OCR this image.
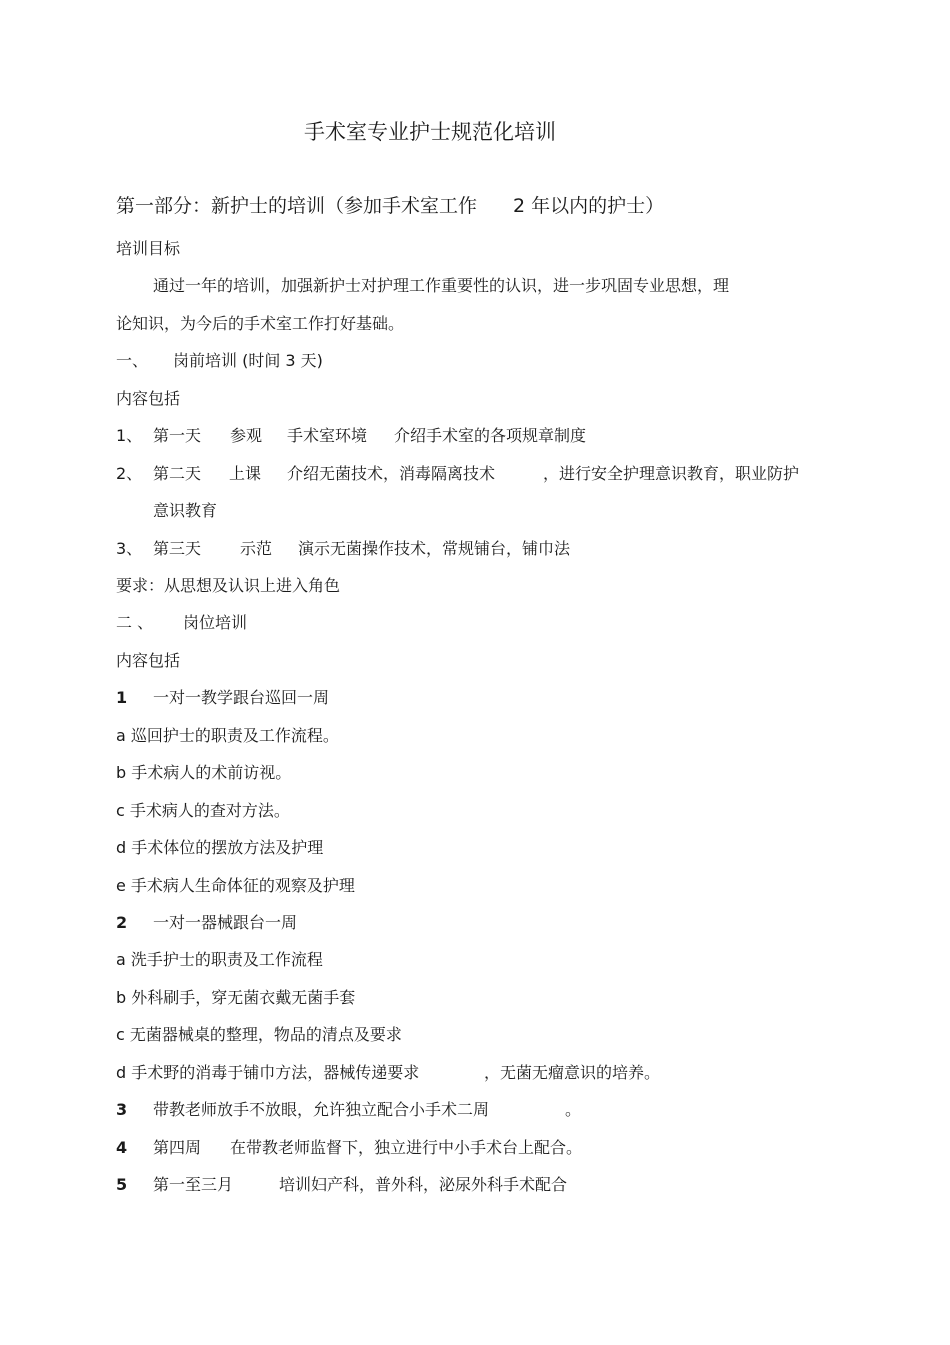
手术室专业护士规范化培训
第一部分：新护士的培训（参加手术室工作 2 年以内的护士）
培训目标
通过一年的培训，加强新护士对护理工作重要性的认识，进一步巩固专业思想，理
论知识，为今后的手术室工作打好基础。
一、 岗前培训 (时间 3 天)
内容包括
1、 第一天 参观 手术室环境 介绍手术室的各项规章制度
2、 第二天 上课 介绍无菌技术，消毒隔离技术	，进行安全护理意识教育，职业防护
意识教育
3、 第三天 示范 演示无菌操作技术，常规铺台，铺巾法
要求：从思想及认识上进入角色
二 、 岗位培训
内容包括
1 一对一教学跟台巡回一周
a 巡回护士的职责及工作流程。
b 手术病人的术前访视。
c 手术病人的查对方法。
d 手术体位的摆放方法及护理
e 手术病人生命体征的观察及护理
2 一对一器械跟台一周
a 洗手护士的职责及工作流程
b 外科刷手，穿无菌衣戴无菌手套
c 无菌器械桌的整理，物品的清点及要求
d 手术野的消毒于铺巾方法，器械传递要求	，无菌无瘤意识的培养。
3 带教老师放手不放眼，允许独立配合小手术二周	。
4 第四周 在带教老师监督下，独立进行中小手术台上配合。
5 第一至三月	培训妇产科，普外科，泌尿外科手术配合
